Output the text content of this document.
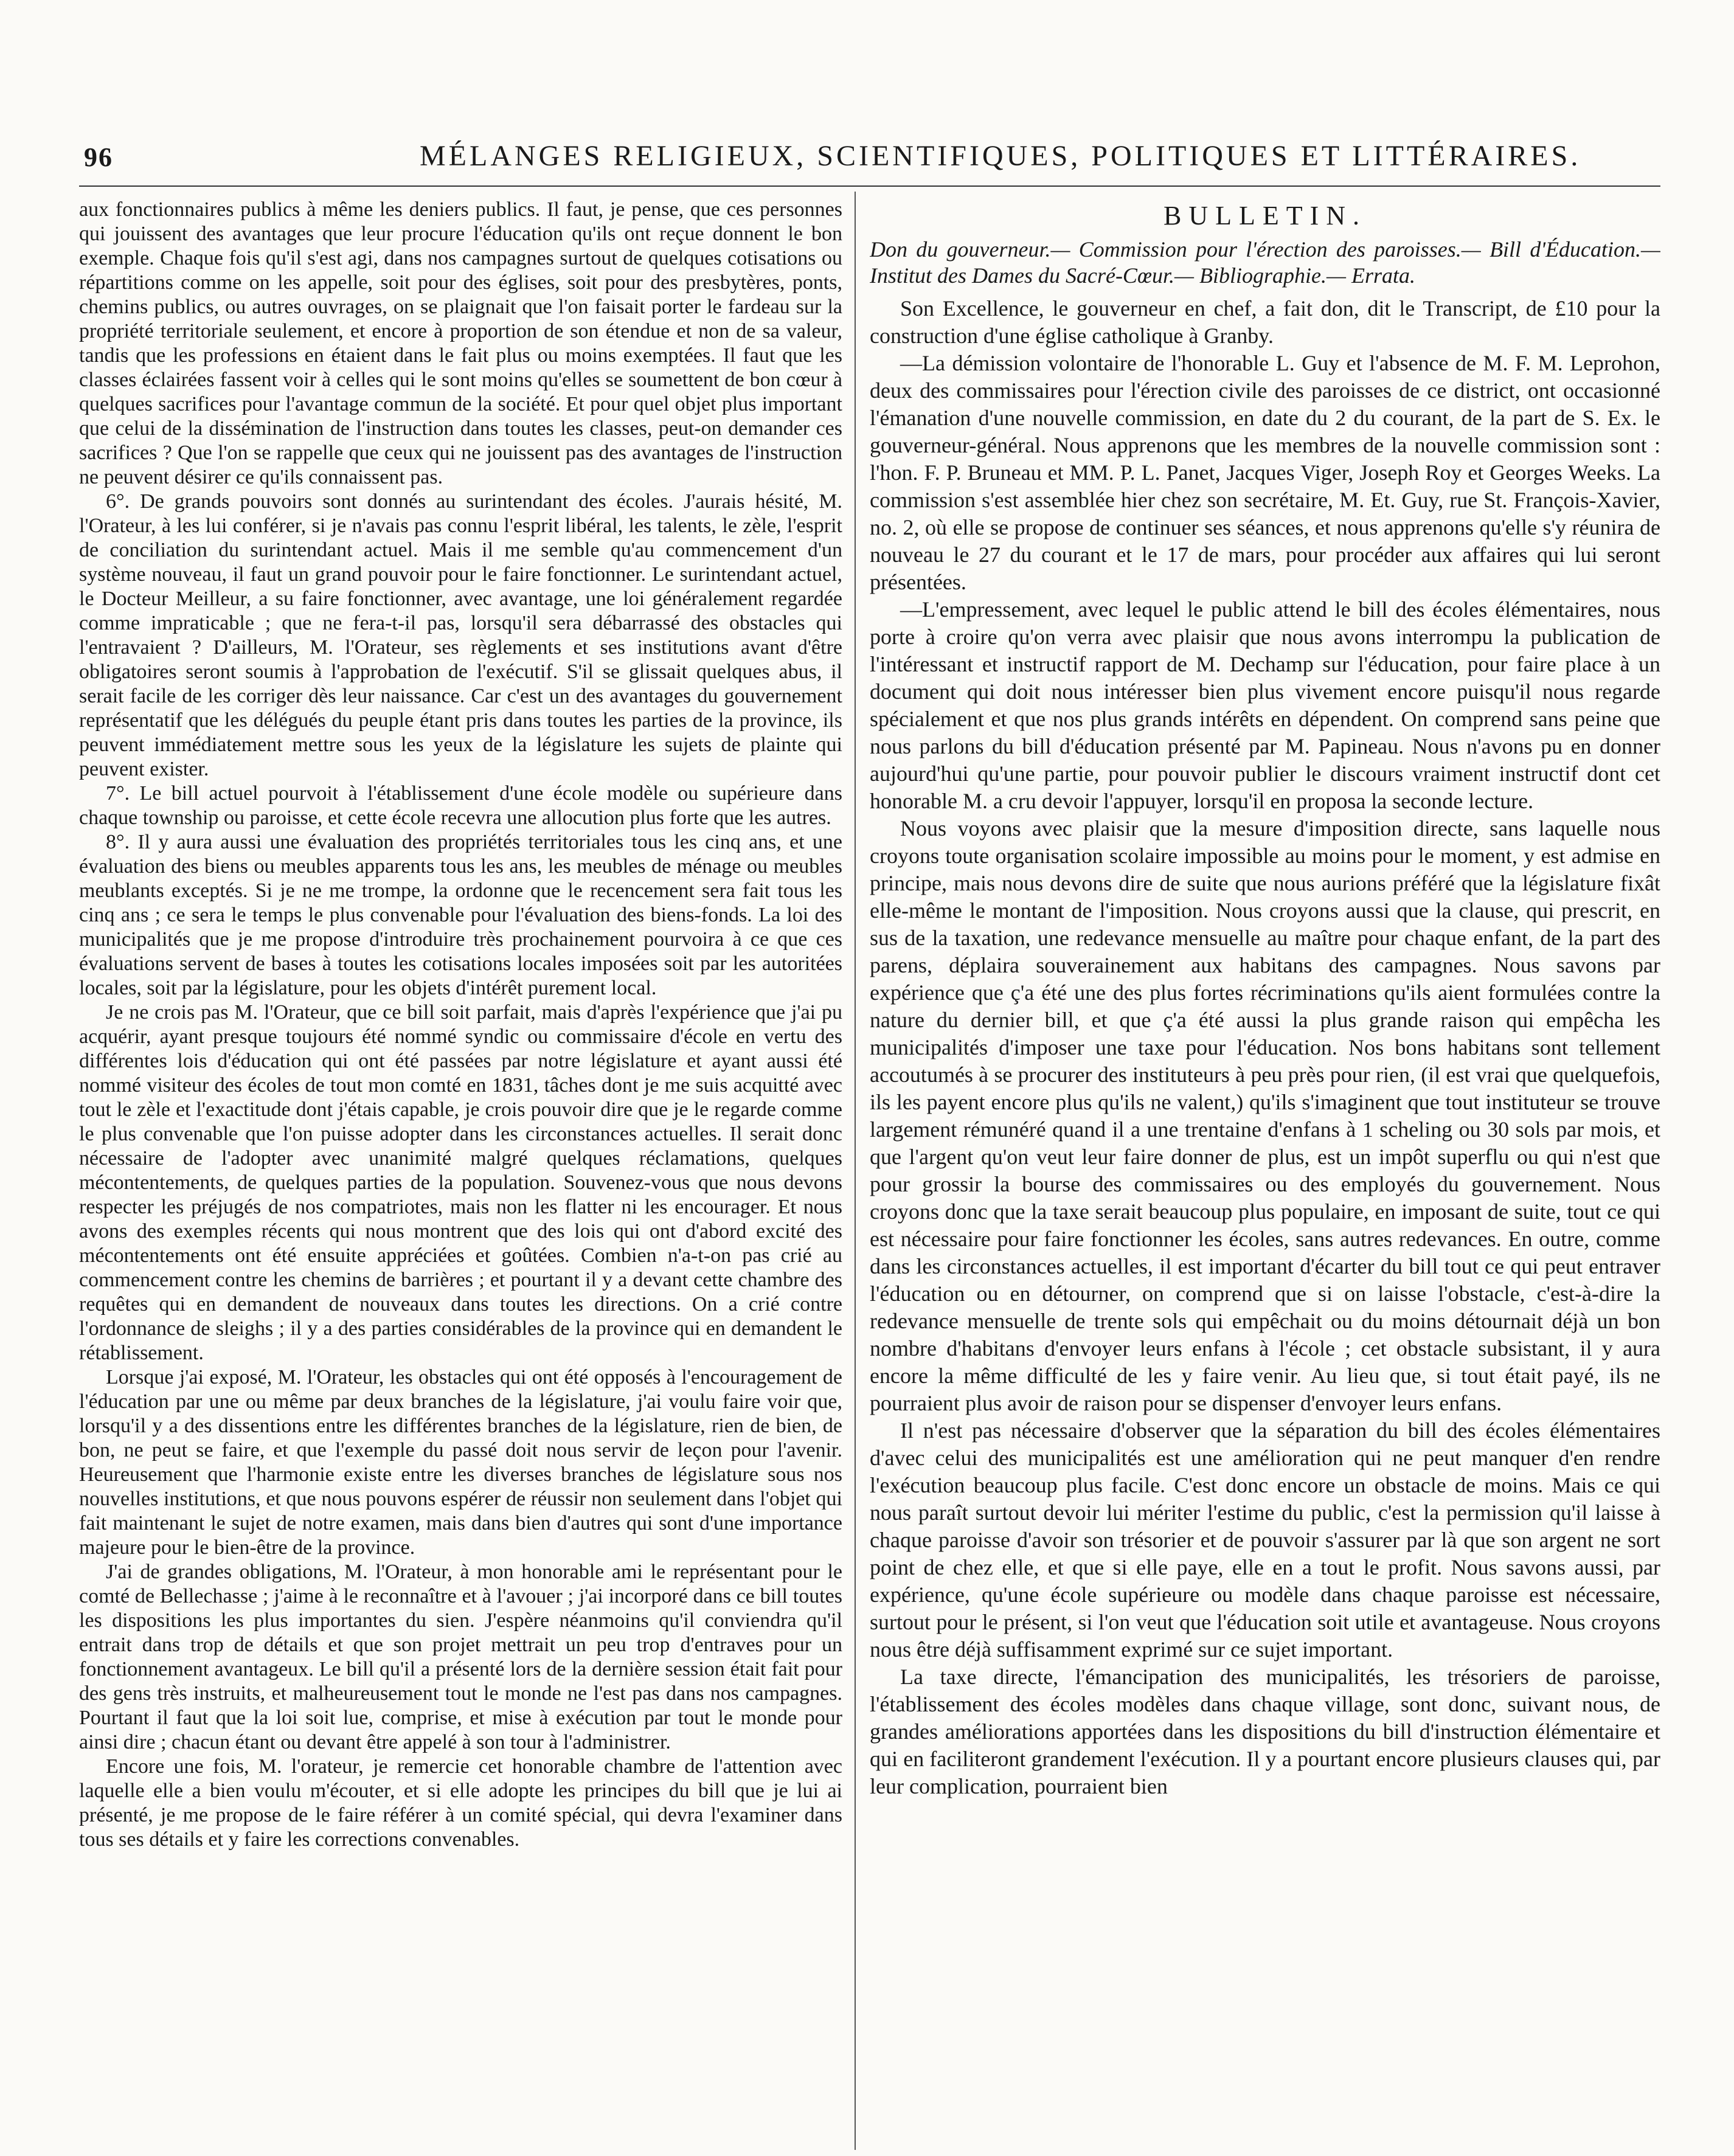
96	MÉLANGES RELIGIEUX, SCIENTIFIQUES, POLITIQUES ET LITTÉRAIRES.

aux fonctionnaires publics à même les deniers publics. Il faut, je pense, que ces personnes qui jouissent des avantages que leur procure l'éducation qu'ils ont reçue donnent le bon exemple. Chaque fois qu'il s'est agi, dans nos campagnes surtout de quelques cotisations ou répartitions comme on les appelle, soit pour des églises, soit pour des presbytères, ponts, chemins publics, ou autres ouvrages, on se plaignait que l'on faisait porter le fardeau sur la propriété territoriale seulement, et encore à proportion de son étendue et non de sa valeur, tandis que les professions en étaient dans le fait plus ou moins exemptées. Il faut que les classes éclairées fassent voir à celles qui le sont moins qu'elles se soumettent de bon cœur à quelques sacrifices pour l'avantage commun de la société. Et pour quel objet plus important que celui de la dissémination de l'instruction dans toutes les classes, peut-on demander ces sacrifices ? Que l'on se rappelle que ceux qui ne jouissent pas des avantages de l'instruction ne peuvent désirer ce qu'ils connaissent pas.

6°. De grands pouvoirs sont donnés au surintendant des écoles. J'aurais hésité, M. l'Orateur, à les lui conférer, si je n'avais pas connu l'esprit libéral, les talents, le zèle, l'esprit de conciliation du surintendant actuel. Mais il me semble qu'au commencement d'un système nouveau, il faut un grand pouvoir pour le faire fonctionner. Le surintendant actuel, le Docteur Meilleur, a su faire fonctionner, avec avantage, une loi généralement regardée comme impraticable ; que ne fera-t-il pas, lorsqu'il sera débarrassé des obstacles qui l'entravaient ? D'ailleurs, M. l'Orateur, ses règlements et ses institutions avant d'être obligatoires seront soumis à l'approbation de l'exécutif. S'il se glissait quelques abus, il serait facile de les corriger dès leur naissance. Car c'est un des avantages du gouvernement représentatif que les délégués du peuple étant pris dans toutes les parties de la province, ils peuvent immédiatement mettre sous les yeux de la législature les sujets de plainte qui peuvent exister.

7°. Le bill actuel pourvoit à l'établissement d'une école modèle ou supérieure dans chaque township ou paroisse, et cette école recevra une allocution plus forte que les autres.

8°. Il y aura aussi une évaluation des propriétés territoriales tous les cinq ans, et une évaluation des biens ou meubles apparents tous les ans, les meubles de ménage ou meubles meublants exceptés. Si je ne me trompe, la ordonne que le recencement sera fait tous les cinq ans ; ce sera le temps le plus convenable pour l'évaluation des biens-fonds. La loi des municipalités que je me propose d'introduire très prochainement pourvoira à ce que ces évaluations servent de bases à toutes les cotisations locales imposées soit par les autoritées locales, soit par la législature, pour les objets d'intérêt purement local.

Je ne crois pas M. l'Orateur, que ce bill soit parfait, mais d'après l'expérience que j'ai pu acquérir, ayant presque toujours été nommé syndic ou commissaire d'école en vertu des différentes lois d'éducation qui ont été passées par notre législature et ayant aussi été nommé visiteur des écoles de tout mon comté en 1831, tâches dont je me suis acquitté avec tout le zèle et l'exactitude dont j'étais capable, je crois pouvoir dire que je le regarde comme le plus convenable que l'on puisse adopter dans les circonstances actuelles. Il serait donc nécessaire de l'adopter avec unanimité malgré quelques réclamations, quelques mécontentements, de quelques parties de la population. Souvenez-vous que nous devons respecter les préjugés de nos compatriotes, mais non les flatter ni les encourager. Et nous avons des exemples récents qui nous montrent que des lois qui ont d'abord excité des mécontentements ont été ensuite appréciées et goûtées. Combien n'a-t-on pas crié au commencement contre les chemins de barrières ; et pourtant il y a devant cette chambre des requêtes qui en demandent de nouveaux dans toutes les directions. On a crié contre l'ordonnance de sleighs ; il y a des parties considérables de la province qui en demandent le rétablissement.

Lorsque j'ai exposé, M. l'Orateur, les obstacles qui ont été opposés à l'encouragement de l'éducation par une ou même par deux branches de la législature, j'ai voulu faire voir que, lorsqu'il y a des dissentions entre les différentes branches de la législature, rien de bien, de bon, ne peut se faire, et que l'exemple du passé doit nous servir de leçon pour l'avenir. Heureusement que l'harmonie existe entre les diverses branches de législature sous nos nouvelles institutions, et que nous pouvons espérer de réussir non seulement dans l'objet qui fait maintenant le sujet de notre examen, mais dans bien d'autres qui sont d'une importance majeure pour le bien-être de la province.

J'ai de grandes obligations, M. l'Orateur, à mon honorable ami le représentant pour le comté de Bellechasse ; j'aime à le reconnaître et à l'avouer ; j'ai incorporé dans ce bill toutes les dispositions les plus importantes du sien. J'espère néanmoins qu'il conviendra qu'il entrait dans trop de détails et que son projet mettrait un peu trop d'entraves pour un fonctionnement avantageux. Le bill qu'il a présenté lors de la dernière session était fait pour des gens très instruits, et malheureusement tout le monde ne l'est pas dans nos campagnes. Pourtant il faut que la loi soit lue, comprise, et mise à exécution par tout le monde pour ainsi dire ; chacun étant ou devant être appelé à son tour à l'administrer.

Encore une fois, M. l'orateur, je remercie cet honorable chambre de l'attention avec laquelle elle a bien voulu m'écouter, et si elle adopte les principes du bill que je lui ai présenté, je me propose de le faire référer à un comité spécial, qui devra l'examiner dans tous ses détails et y faire les corrections convenables.

BULLETIN.

Don du gouverneur.— Commission pour l'érection des paroisses.— Bill d'Éducation.— Institut des Dames du Sacré-Cœur.— Bibliographie.— Errata.

Son Excellence, le gouverneur en chef, a fait don, dit le Transcript, de £10 pour la construction d'une église catholique à Granby.

—La démission volontaire de l'honorable L. Guy et l'absence de M. F. M. Leprohon, deux des commissaires pour l'érection civile des paroisses de ce district, ont occasionné l'émanation d'une nouvelle commission, en date du 2 du courant, de la part de S. Ex. le gouverneur-général. Nous apprenons que les membres de la nouvelle commission sont : l'hon. F. P. Bruneau et MM. P. L. Panet, Jacques Viger, Joseph Roy et Georges Weeks. La commission s'est assemblée hier chez son secrétaire, M. Et. Guy, rue St. François-Xavier, no. 2, où elle se propose de continuer ses séances, et nous apprenons qu'elle s'y réunira de nouveau le 27 du courant et le 17 de mars, pour procéder aux affaires qui lui seront présentées.

—L'empressement, avec lequel le public attend le bill des écoles élémentaires, nous porte à croire qu'on verra avec plaisir que nous avons interrompu la publication de l'intéressant et instructif rapport de M. Dechamp sur l'éducation, pour faire place à un document qui doit nous intéresser bien plus vivement encore puisqu'il nous regarde spécialement et que nos plus grands intérêts en dépendent. On comprend sans peine que nous parlons du bill d'éducation présenté par M. Papineau. Nous n'avons pu en donner aujourd'hui qu'une partie, pour pouvoir publier le discours vraiment instructif dont cet honorable M. a cru devoir l'appuyer, lorsqu'il en proposa la seconde lecture.

Nous voyons avec plaisir que la mesure d'imposition directe, sans laquelle nous croyons toute organisation scolaire impossible au moins pour le moment, y est admise en principe, mais nous devons dire de suite que nous aurions préféré que la législature fixât elle-même le montant de l'imposition. Nous croyons aussi que la clause, qui prescrit, en sus de la taxation, une redevance mensuelle au maître pour chaque enfant, de la part des parens, déplaira souverainement aux habitans des campagnes. Nous savons par expérience que ç'a été une des plus fortes récriminations qu'ils aient formulées contre la nature du dernier bill, et que ç'a été aussi la plus grande raison qui empêcha les municipalités d'imposer une taxe pour l'éducation. Nos bons habitans sont tellement accoutumés à se procurer des instituteurs à peu près pour rien, (il est vrai que quelquefois, ils les payent encore plus qu'ils ne valent,) qu'ils s'imaginent que tout instituteur se trouve largement rémunéré quand il a une trentaine d'enfans à 1 scheling ou 30 sols par mois, et que l'argent qu'on veut leur faire donner de plus, est un impôt superflu ou qui n'est que pour grossir la bourse des commissaires ou des employés du gouvernement. Nous croyons donc que la taxe serait beaucoup plus populaire, en imposant de suite, tout ce qui est nécessaire pour faire fonctionner les écoles, sans autres redevances. En outre, comme dans les circonstances actuelles, il est important d'écarter du bill tout ce qui peut entraver l'éducation ou en détourner, on comprend que si on laisse l'obstacle, c'est-à-dire la redevance mensuelle de trente sols qui empêchait ou du moins détournait déjà un bon nombre d'habitans d'envoyer leurs enfans à l'école ; cet obstacle subsistant, il y aura encore la même difficulté de les y faire venir. Au lieu que, si tout était payé, ils ne pourraient plus avoir de raison pour se dispenser d'envoyer leurs enfans.

Il n'est pas nécessaire d'observer que la séparation du bill des écoles élémentaires d'avec celui des municipalités est une amélioration qui ne peut manquer d'en rendre l'exécution beaucoup plus facile. C'est donc encore un obstacle de moins. Mais ce qui nous paraît surtout devoir lui mériter l'estime du public, c'est la permission qu'il laisse à chaque paroisse d'avoir son trésorier et de pouvoir s'assurer par là que son argent ne sort point de chez elle, et que si elle paye, elle en a tout le profit. Nous savons aussi, par expérience, qu'une école supérieure ou modèle dans chaque paroisse est nécessaire, surtout pour le présent, si l'on veut que l'éducation soit utile et avantageuse. Nous croyons nous être déjà suffisamment exprimé sur ce sujet important.

La taxe directe, l'émancipation des municipalités, les trésoriers de paroisse, l'établissement des écoles modèles dans chaque village, sont donc, suivant nous, de grandes améliorations apportées dans les dispositions du bill d'instruction élémentaire et qui en faciliteront grandement l'exécution. Il y a pourtant encore plusieurs clauses qui, par leur complication, pourraient bien
